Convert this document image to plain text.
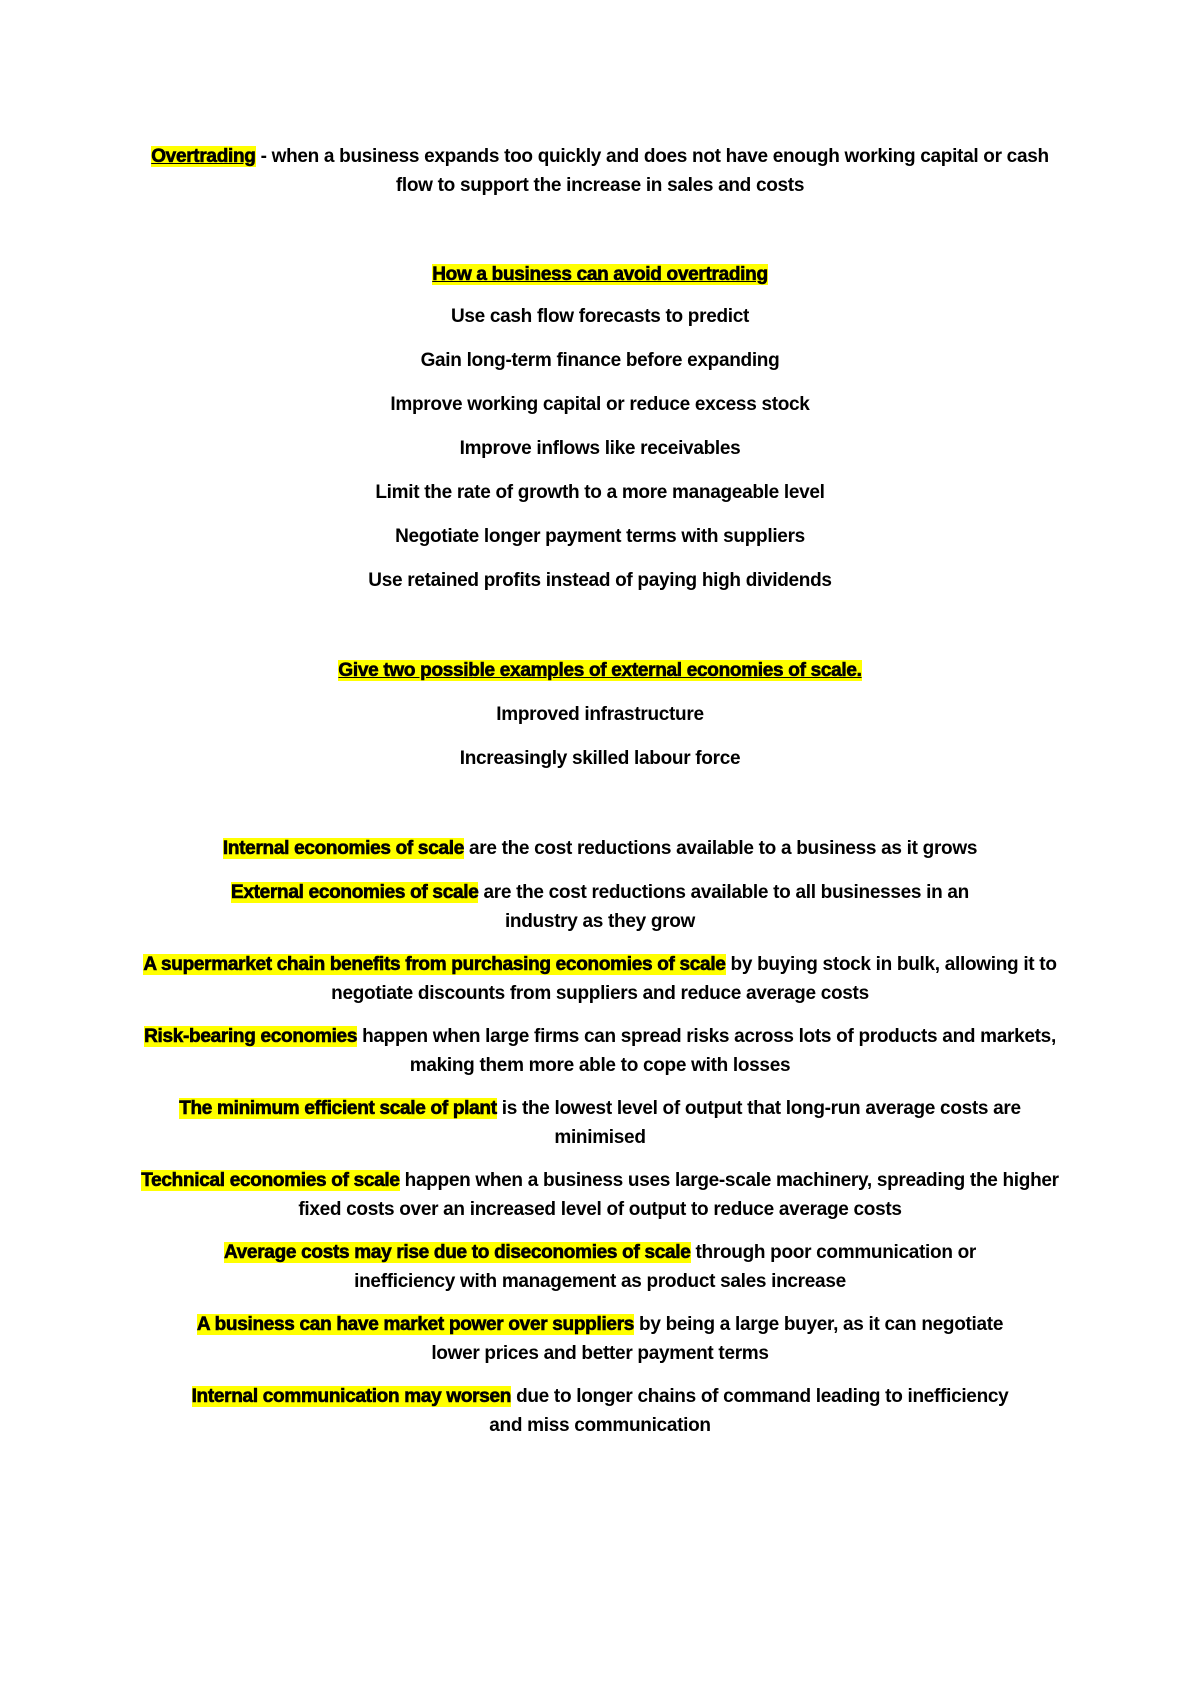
Overtrading - when a business expands too quickly and does not have enough working capital or cash flow to support the increase in sales and costs
How a business can avoid overtrading
Use cash flow forecasts to predict
Gain long-term finance before expanding
Improve working capital or reduce excess stock
Improve inflows like receivables
Limit the rate of growth to a more manageable level
Negotiate longer payment terms with suppliers
Use retained profits instead of paying high dividends
Give two possible examples of external economies of scale.
Improved infrastructure
Increasingly skilled labour force
Internal economies of scale are the cost reductions available to a business as it grows
External economies of scale are the cost reductions available to all businesses in an industry as they grow
A supermarket chain benefits from purchasing economies of scale by buying stock in bulk, allowing it to negotiate discounts from suppliers and reduce average costs
Risk-bearing economies happen when large firms can spread risks across lots of products and markets, making them more able to cope with losses
The minimum efficient scale of plant is the lowest level of output that long-run average costs are minimised
Technical economies of scale happen when a business uses large-scale machinery, spreading the higher fixed costs over an increased level of output to reduce average costs
Average costs may rise due to diseconomies of scale through poor communication or inefficiency with management as product sales increase
A business can have market power over suppliers by being a large buyer, as it can negotiate lower prices and better payment terms
Internal communication may worsen due to longer chains of command leading to inefficiency and miss communication
